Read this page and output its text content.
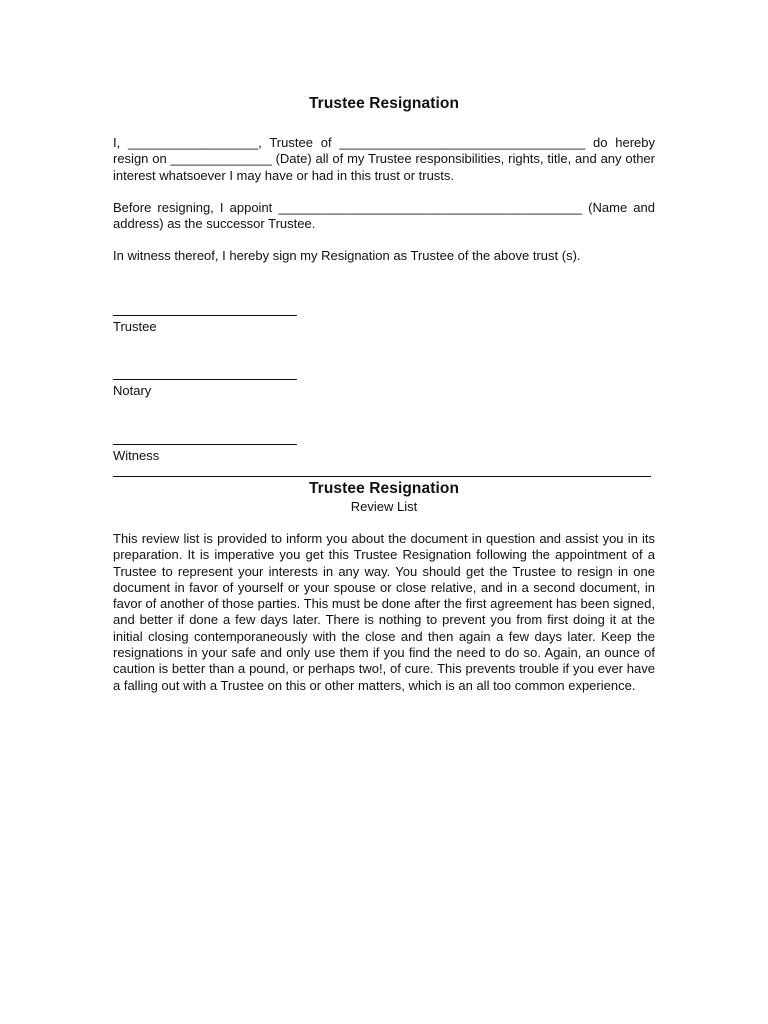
Trustee Resignation

I, __________________, Trustee of __________________________________ do hereby resign on ______________ (Date) all of my Trustee responsibilities, rights, title, and any other interest whatsoever I may have or had in this trust or trusts.

Before resigning, I appoint __________________________________________ (Name and address) as the successor Trustee.

In witness thereof, I hereby sign my Resignation as Trustee of the above trust (s).

Trustee
Notary
Witness
Trustee Resignation
Review List

This review list is provided to inform you about the document in question and assist you in its preparation. It is imperative you get this Trustee Resignation following the appointment of a Trustee to represent your interests in any way. You should get the Trustee to resign in one document in favor of yourself or your spouse or close relative, and in a second document, in favor of another of those parties. This must be done after the first agreement has been signed, and better if done a few days later. There is nothing to prevent you from first doing it at the initial closing contemporaneously with the close and then again a few days later. Keep the resignations in your safe and only use them if you find the need to do so. Again, an ounce of caution is better than a pound, or perhaps two!, of cure. This prevents trouble if you ever have a falling out with a Trustee on this or other matters, which is an all too common experience.
